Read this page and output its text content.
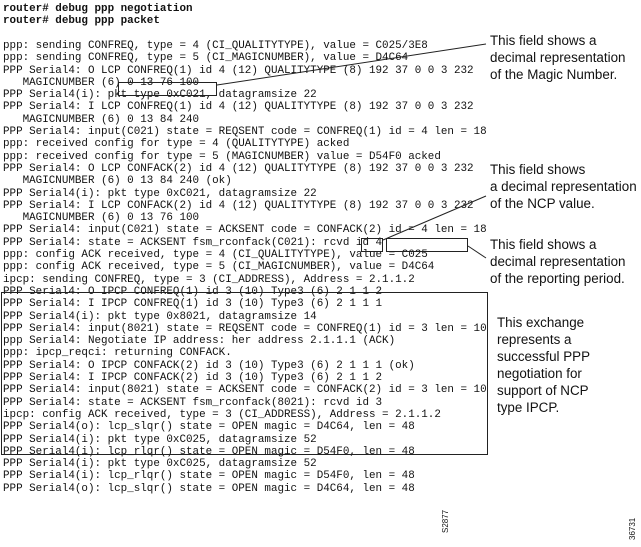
router# debug ppp negotiation
router# debug ppp packet
ppp: sending CONFREQ, type = 4 (CI_QUALITYTYPE), value = C025/3E8
ppp: sending CONFREQ, type = 5 (CI_MAGICNUMBER), value = D4C64
PPP Serial4: O LCP CONFREQ(1) id 4 (12) QUALITYTYPE (8) 192 37 0 0 3 232
MAGICNUMBER (6) 0 13 76 100
PPP Serial4(i): pkt type 0xC021, datagramsize 22
PPP Serial4: I LCP CONFREQ(1) id 4 (12) QUALITYTYPE (8) 192 37 0 0 3 232
MAGICNUMBER (6) 0 13 84 240
PPP Serial4: input(C021) state = REQSENT code = CONFREQ(1) id = 4 len = 18
ppp: received config for type = 4 (QUALITYTYPE) acked
ppp: received config for type = 5 (MAGICNUMBER) value = D54F0 acked
PPP Serial4: O LCP CONFACK(2) id 4 (12) QUALITYTYPE (8) 192 37 0 0 3 232
MAGICNUMBER (6) 0 13 84 240 (ok)
PPP Serial4(i): pkt type 0xC021, datagramsize 22
PPP Serial4: I LCP CONFACK(2) id 4 (12) QUALITYTYPE (8) 192 37 0 0 3 232
MAGICNUMBER (6) 0 13 76 100
PPP Serial4: input(C021) state = ACKSENT code = CONFACK(2) id = 4 len = 18
PPP Serial4: state = ACKSENT fsm_rconfack(C021): rcvd id 4
ppp: config ACK received, type = 4 (CI_QUALITYTYPE), value = C025
ppp: config ACK received, type = 5 (CI_MAGICNUMBER), value = D4C64
ipcp: sending CONFREQ, type = 3 (CI_ADDRESS), Address = 2.1.1.2
PPP Serial4: O IPCP CONFREQ(1) id 3 (10) Type3 (6) 2 1 1 2
PPP Serial4: I IPCP CONFREQ(1) id 3 (10) Type3 (6) 2 1 1 1
PPP Serial4(i): pkt type 0x8021, datagramsize 14
PPP Serial4: input(8021) state = REQSENT code = CONFREQ(1) id = 3 len = 10
ppp Serial4: Negotiate IP address: her address 2.1.1.1 (ACK)
ppp: ipcp_reqci: returning CONFACK.
PPP Serial4: O IPCP CONFACK(2) id 3 (10) Type3 (6) 2 1 1 1 (ok)
PPP Serial4: I IPCP CONFACK(2) id 3 (10) Type3 (6) 2 1 1 2
PPP Serial4: input(8021) state = ACKSENT code = CONFACK(2) id = 3 len = 10
PPP Serial4: state = ACKSENT fsm_rconfack(8021): rcvd id 3
ipcp: config ACK received, type = 3 (CI_ADDRESS), Address = 2.1.1.2
PPP Serial4(o): lcp_slqr() state = OPEN magic = D4C64, len = 48
PPP Serial4(i): pkt type 0xC025, datagramsize 52
PPP Serial4(i): lcp_rlqr() state = OPEN magic = D54F0, len = 48
PPP Serial4(i): pkt type 0xC025, datagramsize 52
PPP Serial4(i): lcp_rlqr() state = OPEN magic = D54F0, len = 48
PPP Serial4(o): lcp_slqr() state = OPEN magic = D4C64, len = 48
This field shows a
decimal representation
of the Magic Number.
This field shows
a decimal representation
of the NCP value.
This field shows a
decimal representation
of the reporting period.
This exchange
represents a
successful PPP
negotiation for
support of NCP
type IPCP.
S2877	36731
